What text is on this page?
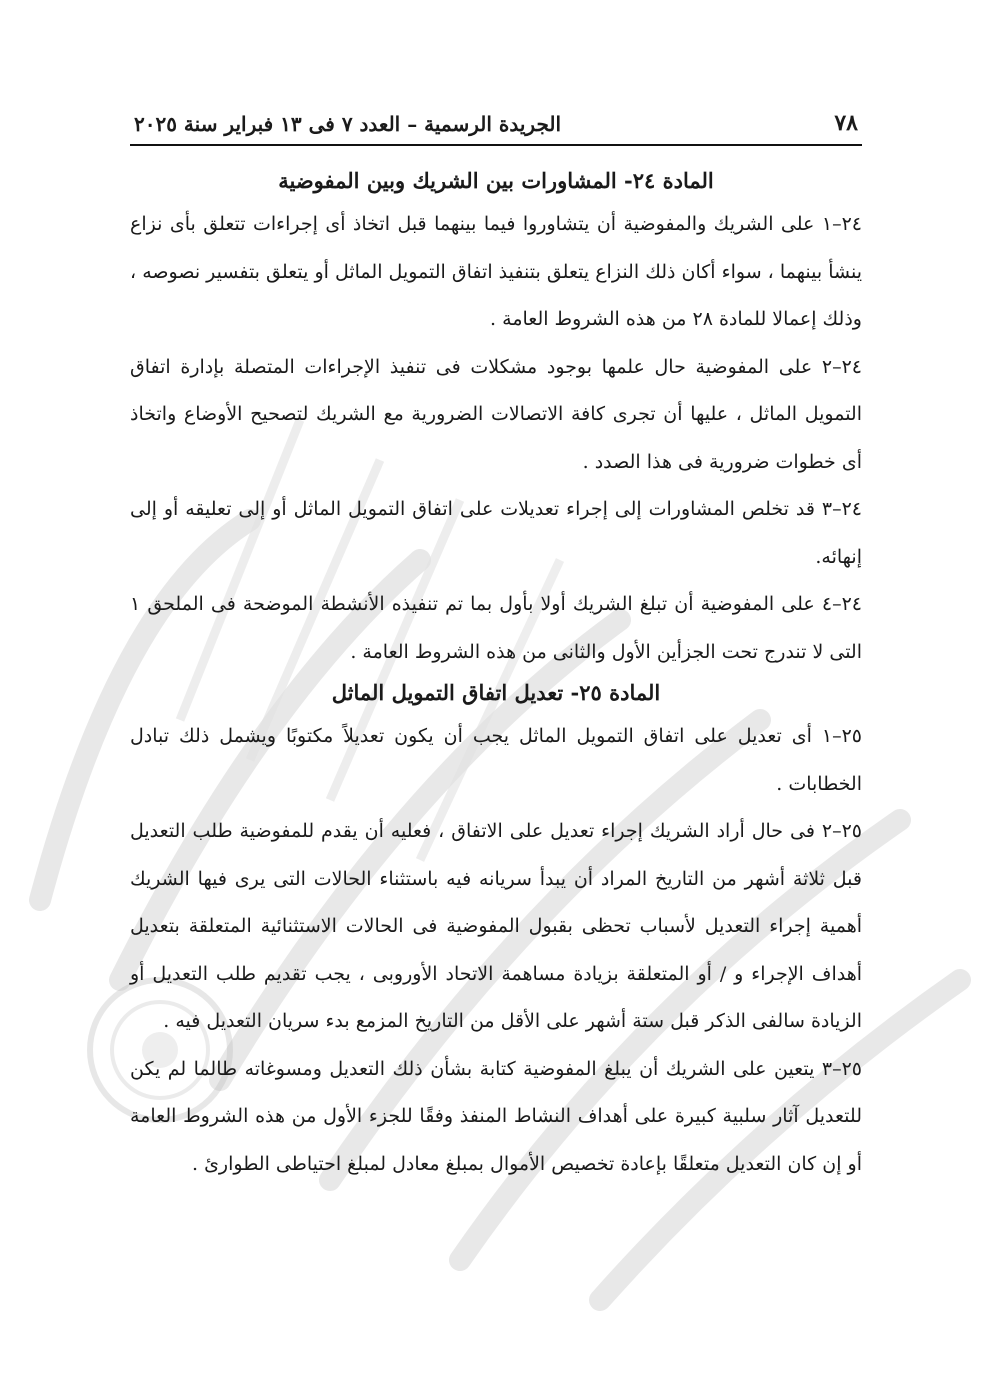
٧٨
الجريدة الرسمية – العدد ٧ فى ١٣ فبراير سنة ٢٠٢٥
المادة ٢٤- المشاورات بين الشريك وبين المفوضية

٢٤–١ على الشريك والمفوضية أن يتشاوروا فيما بينهما قبل اتخاذ أى إجراءات تتعلق بأى نزاع ينشأ بينهما ، سواء أكان ذلك النزاع يتعلق بتنفيذ اتفاق التمويل الماثل أو يتعلق بتفسير نصوصه ، وذلك إعمالا للمادة ٢٨ من هذه الشروط العامة .

٢٤–٢ على المفوضية حال علمها بوجود مشكلات فى تنفيذ الإجراءات المتصلة بإدارة اتفاق التمويل الماثل ، عليها أن تجرى كافة الاتصالات الضرورية مع الشريك لتصحيح الأوضاع واتخاذ أى خطوات ضرورية فى هذا الصدد .

٢٤–٣ قد تخلص المشاورات إلى إجراء تعديلات على اتفاق التمويل الماثل أو إلى تعليقه أو إلى إنهائه.

٢٤–٤ على المفوضية أن تبلغ الشريك أولا بأول بما تم تنفيذه الأنشطة الموضحة فى الملحق ١ التى لا تندرج تحت الجزأين الأول والثانى من هذه الشروط العامة .

المادة ٢٥- تعديل اتفاق التمويل الماثل

٢٥–١ أى تعديل على اتفاق التمويل الماثل يجب أن يكون تعديلاً مكتوبًا ويشمل ذلك تبادل الخطابات .

٢٥–٢ فى حال أراد الشريك إجراء تعديل على الاتفاق ، فعليه أن يقدم للمفوضية طلب التعديل قبل ثلاثة أشهر من التاريخ المراد أن يبدأ سريانه فيه باستثناء الحالات التى يرى فيها الشريك أهمية إجراء التعديل لأسباب تحظى بقبول المفوضية فى الحالات الاستثنائية المتعلقة بتعديل أهداف الإجراء و / أو المتعلقة بزيادة مساهمة الاتحاد الأوروبى ، يجب تقديم طلب التعديل أو الزيادة سالفى الذكر قبل ستة أشهر على الأقل من التاريخ المزمع بدء سريان التعديل فيه .

٢٥–٣ يتعين على الشريك أن يبلغ المفوضية كتابة بشأن ذلك التعديل ومسوغاته طالما لم يكن للتعديل آثار سلبية كبيرة على أهداف النشاط المنفذ وفقًا للجزء الأول من هذه الشروط العامة أو إن كان التعديل متعلقًا بإعادة تخصيص الأموال بمبلغ معادل لمبلغ احتياطى الطوارئ .
